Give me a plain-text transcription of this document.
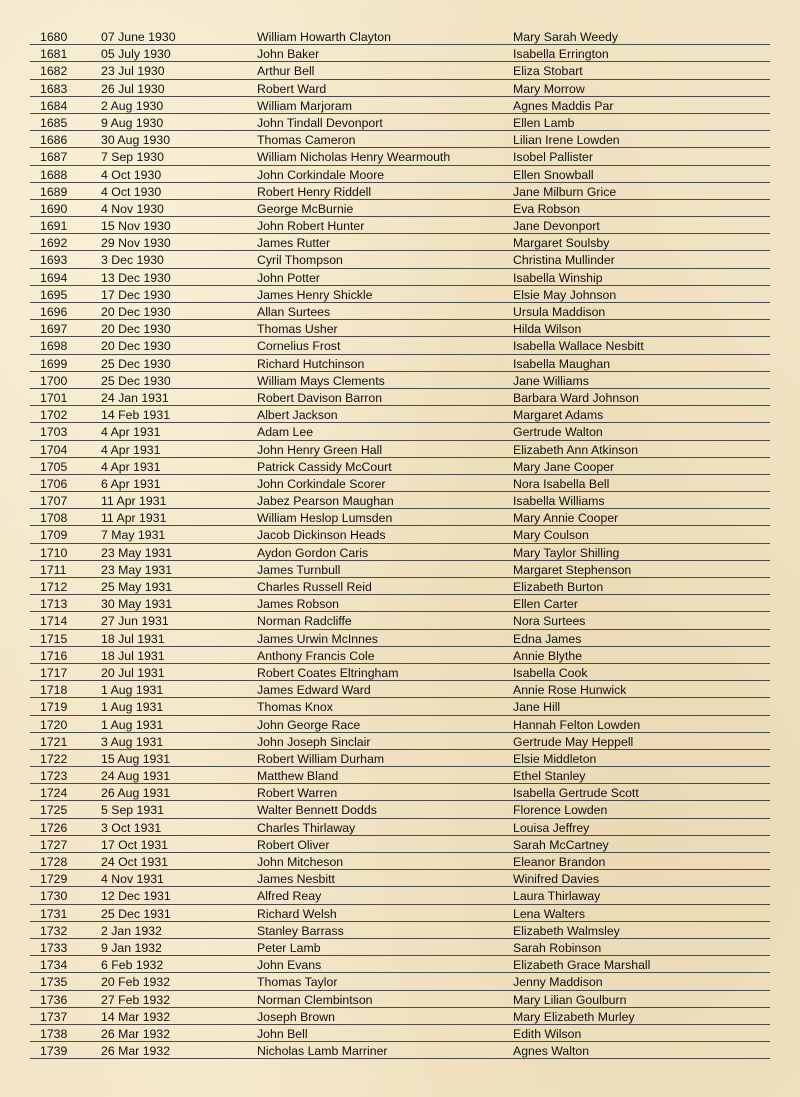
1680	07 June 1930	William Howarth Clayton	Mary Sarah Weedy
1681	05 July 1930	John Baker	Isabella Errington
1682	23 Jul 1930	Arthur Bell	Eliza Stobart
1683	26 Jul 1930	Robert Ward	Mary Morrow
1684	2 Aug 1930	William Marjoram	Agnes Maddis Par
1685	9 Aug 1930	John Tindall Devonport	Ellen Lamb
1686	30 Aug 1930	Thomas Cameron	Lilian Irene Lowden
1687	7 Sep 1930	William Nicholas Henry Wearmouth	Isobel Pallister
1688	4 Oct 1930	John Corkindale Moore	Ellen Snowball
1689	4 Oct 1930	Robert Henry Riddell	Jane Milburn Grice
1690	4 Nov 1930	George McBurnie	Eva Robson
1691	15 Nov 1930	John Robert Hunter	Jane Devonport
1692	29 Nov 1930	James Rutter	Margaret Soulsby
1693	3 Dec 1930	Cyril Thompson	Christina Mullinder
1694	13 Dec 1930	John Potter	Isabella Winship
1695	17 Dec 1930	James Henry Shickle	Elsie May Johnson
1696	20 Dec 1930	Allan Surtees	Ursula Maddison
1697	20 Dec 1930	Thomas Usher	Hilda Wilson
1698	20 Dec 1930	Cornelius Frost	Isabella Wallace Nesbitt
1699	25 Dec 1930	Richard Hutchinson	Isabella Maughan
1700	25 Dec 1930	William Mays Clements	Jane Williams
1701	24 Jan 1931	Robert Davison Barron	Barbara Ward Johnson
1702	14 Feb 1931	Albert Jackson	Margaret Adams
1703	4 Apr 1931	Adam Lee	Gertrude Walton
1704	4 Apr 1931	John Henry Green Hall	Elizabeth Ann Atkinson
1705	4 Apr 1931	Patrick Cassidy McCourt	Mary Jane Cooper
1706	6 Apr 1931	John Corkindale Scorer	Nora Isabella Bell
1707	11 Apr 1931	Jabez Pearson Maughan	Isabella Williams
1708	11 Apr 1931	William Heslop Lumsden	Mary Annie Cooper
1709	7 May 1931	Jacob Dickinson Heads	Mary Coulson
1710	23 May 1931	Aydon Gordon Caris	Mary Taylor Shilling
1711	23 May 1931	James Turnbull	Margaret Stephenson
1712	25 May 1931	Charles Russell Reid	Elizabeth Burton
1713	30 May 1931	James Robson	Ellen Carter
1714	27 Jun 1931	Norman Radcliffe	Nora Surtees
1715	18 Jul 1931	James Urwin McInnes	Edna James
1716	18 Jul 1931	Anthony Francis Cole	Annie Blythe
1717	20 Jul 1931	Robert Coates Eltringham	Isabella Cook
1718	1 Aug 1931	James Edward Ward	Annie Rose Hunwick
1719	1 Aug 1931	Thomas Knox	Jane Hill
1720	1 Aug 1931	John George Race	Hannah Felton Lowden
1721	3 Aug 1931	John Joseph Sinclair	Gertrude May Heppell
1722	15 Aug 1931	Robert William Durham	Elsie Middleton
1723	24 Aug 1931	Matthew Bland	Ethel Stanley
1724	26 Aug 1931	Robert Warren	Isabella Gertrude Scott
1725	5 Sep 1931	Walter Bennett Dodds	Florence Lowden
1726	3 Oct 1931	Charles Thirlaway	Louisa Jeffrey
1727	17 Oct 1931	Robert Oliver	Sarah McCartney
1728	24 Oct 1931	John Mitcheson	Eleanor Brandon
1729	4 Nov 1931	James Nesbitt	Winifred Davies
1730	12 Dec 1931	Alfred Reay	Laura Thirlaway
1731	25 Dec 1931	Richard Welsh	Lena Walters
1732	2 Jan 1932	Stanley Barrass	Elizabeth Walmsley
1733	9 Jan 1932	Peter Lamb	Sarah Robinson
1734	6 Feb 1932	John Evans	Elizabeth Grace Marshall
1735	20 Feb 1932	Thomas Taylor	Jenny Maddison
1736	27 Feb 1932	Norman Clembintson	Mary Lilian Goulburn
1737	14 Mar 1932	Joseph Brown	Mary Elizabeth Murley
1738	26 Mar 1932	John Bell	Edith Wilson
1739	26 Mar 1932	Nicholas Lamb Marriner	Agnes Walton
